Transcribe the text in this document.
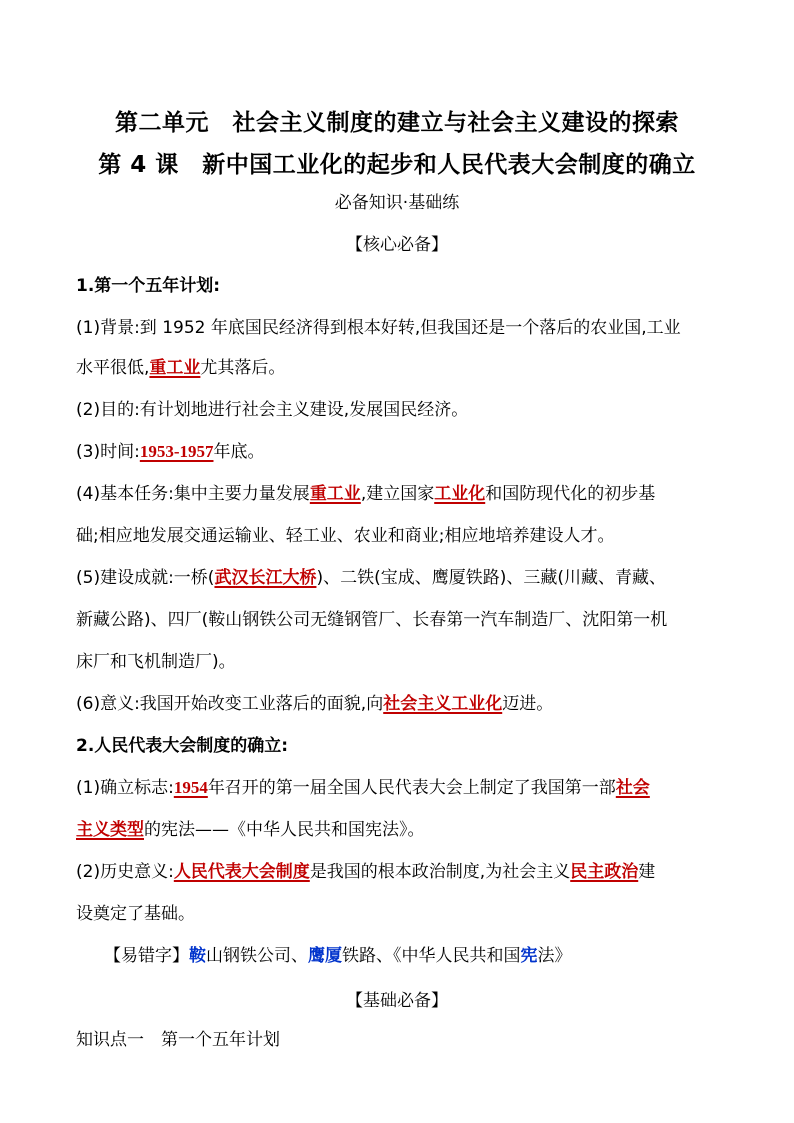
第二单元　社会主义制度的建立与社会主义建设的探索
第 4 课　新中国工业化的起步和人民代表大会制度的确立
必备知识·基础练
【核心必备】
1.第一个五年计划:
(1)背景:到 1952 年底国民经济得到根本好转,但我国还是一个落后的农业国,工业
水平很低,重工业尤其落后。
(2)目的:有计划地进行社会主义建设,发展国民经济。
(3)时间:1953-1957年底。
(4)基本任务:集中主要力量发展重工业,建立国家工业化和国防现代化的初步基
础;相应地发展交通运输业、轻工业、农业和商业;相应地培养建设人才。
(5)建设成就:一桥(武汉长江大桥)、二铁(宝成、鹰厦铁路)、三藏(川藏、青藏、
新藏公路)、四厂(鞍山钢铁公司无缝钢管厂、长春第一汽车制造厂、沈阳第一机
床厂和飞机制造厂)。
(6)意义:我国开始改变工业落后的面貌,向社会主义工业化迈进。
2.人民代表大会制度的确立:
(1)确立标志:1954年召开的第一届全国人民代表大会上制定了我国第一部社会
主义类型的宪法——《中华人民共和国宪法》。
(2)历史意义:人民代表大会制度是我国的根本政治制度,为社会主义民主政治建
设奠定了基础。
【易错字】鞍山钢铁公司、鹰厦铁路、《中华人民共和国宪法》
【基础必备】
知识点一　第一个五年计划
